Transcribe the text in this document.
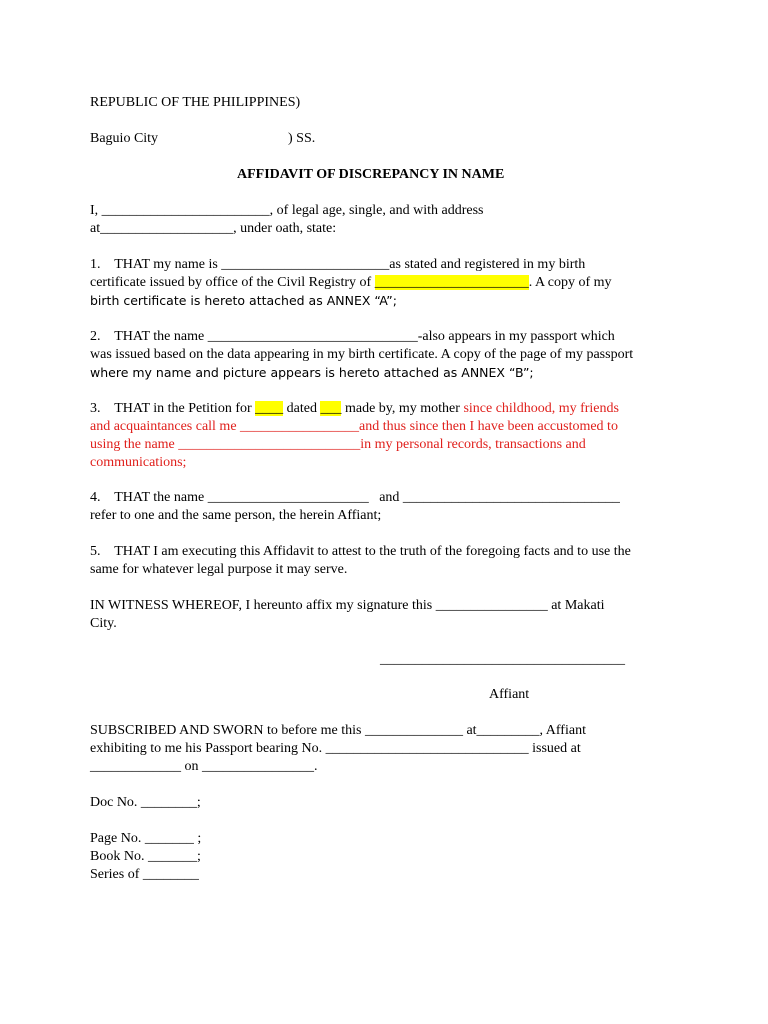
REPUBLIC OF THE PHILIPPINES)
Baguio City	) SS.
AFFIDAVIT OF DISCREPANCY IN NAME
I, ________________________, of legal age, single, and with address
at___________________, under oath, state:
1.    THAT my name is ________________________as stated and registered in my birth
certificate issued by office of the Civil Registry of ______________________. A copy of my
birth certificate is hereto attached as ANNEX “A”;
2.    THAT the name ______________________________-also appears in my passport which
was issued based on the data appearing in my birth certificate. A copy of the page of my passport
where my name and picture appears is hereto attached as ANNEX “B”;
3.    THAT in the Petition for ____ dated ___ made by, my mother since childhood, my friends
and acquaintances call me _________________and thus since then I have been accustomed to
using the name __________________________in my personal records, transactions and
communications;
4.    THAT the name _______________________   and _______________________________
refer to one and the same person, the herein Affiant;
5.    THAT I am executing this Affidavit to attest to the truth of the foregoing facts and to use the
same for whatever legal purpose it may serve.
IN WITNESS WHEREOF, I hereunto affix my signature this ________________ at Makati
City.
___________________________________
Affiant
SUBSCRIBED AND SWORN to before me this ______________ at_________, Affiant
exhibiting to me his Passport bearing No. _____________________________ issued at
_____________ on ________________.
Doc No. ________;
Page No. _______ ;
Book No. _______;
Series of ________
